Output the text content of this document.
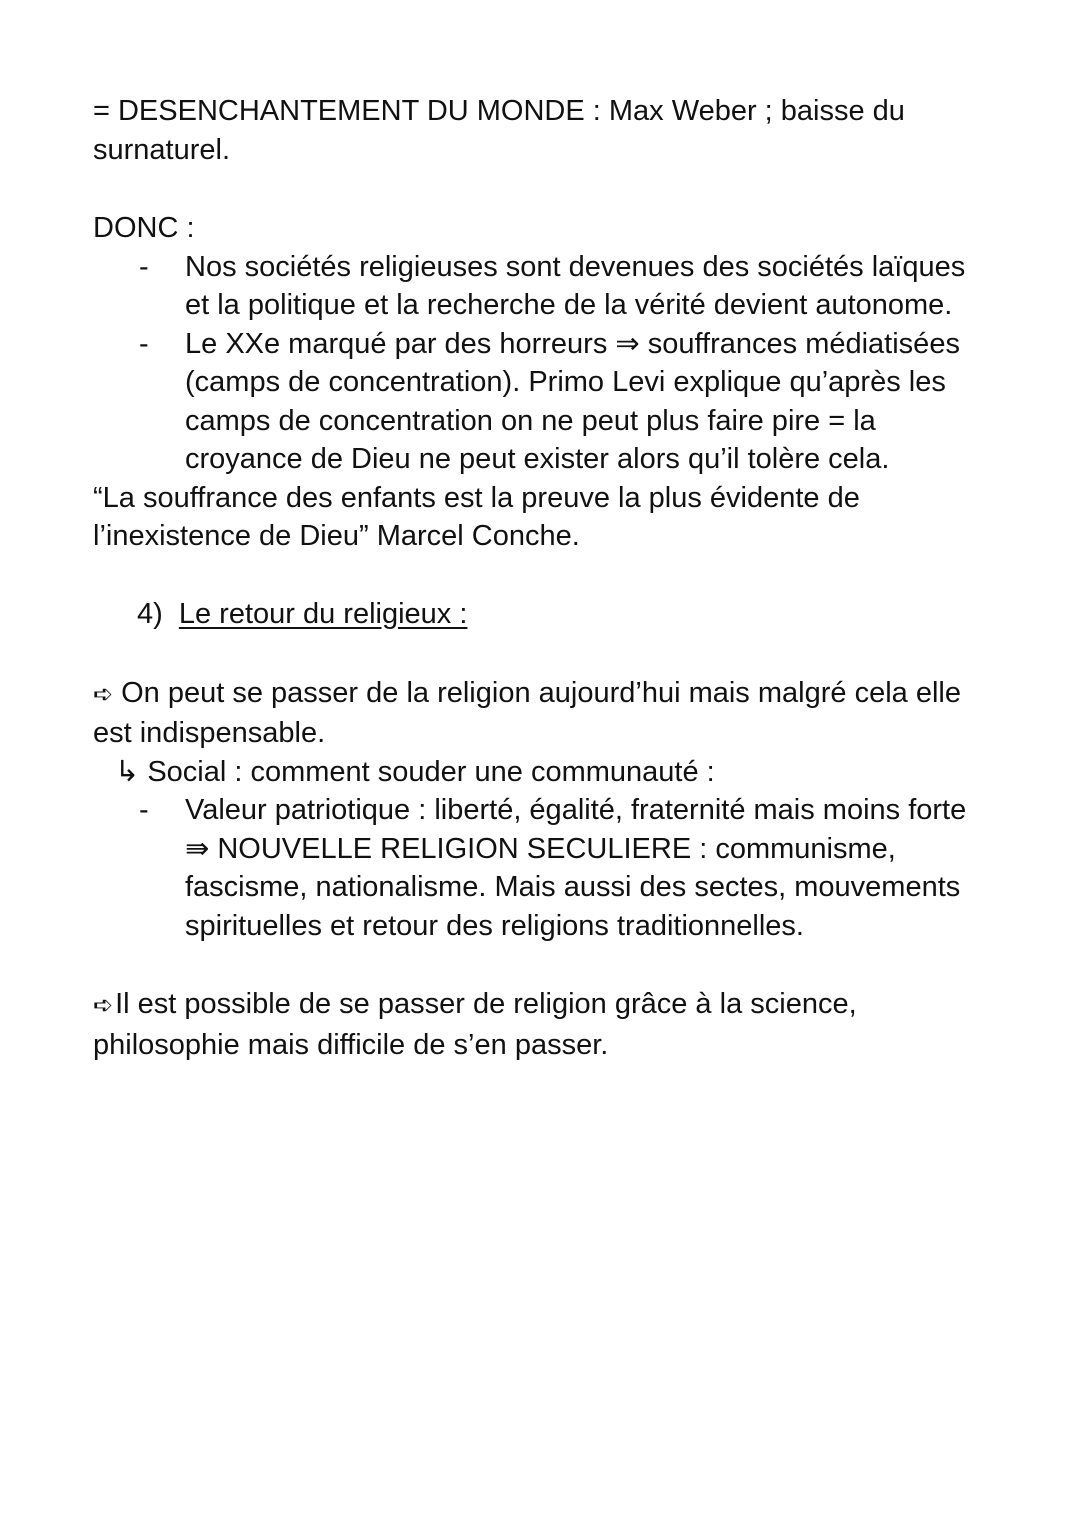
= DESENCHANTEMENT DU MONDE : Max Weber ; baisse du surnaturel.

DONC :

- Nos sociétés religieuses sont devenues des sociétés laïques et la politique et la recherche de la vérité devient autonome.
- Le XXe marqué par des horreurs ⇒ souffrances médiatisées (camps de concentration). Primo Levi explique qu’après les camps de concentration on ne peut plus faire pire = la croyance de Dieu ne peut exister alors qu’il tolère cela.

“La souffrance des enfants est la preuve la plus évidente de l’inexistence de Dieu” Marcel Conche.

4) Le retour du religieux :

➪ On peut se passer de la religion aujourd’hui mais malgré cela elle est indispensable.

↳ Social : comment souder une communauté :

- Valeur patriotique : liberté, égalité, fraternité mais moins forte ⇛ NOUVELLE RELIGION SECULIERE : communisme, fascisme, nationalisme. Mais aussi des sectes, mouvements spirituelles et retour des religions traditionnelles.

➪Il est possible de se passer de religion grâce à la science, philosophie mais difficile de s’en passer.
